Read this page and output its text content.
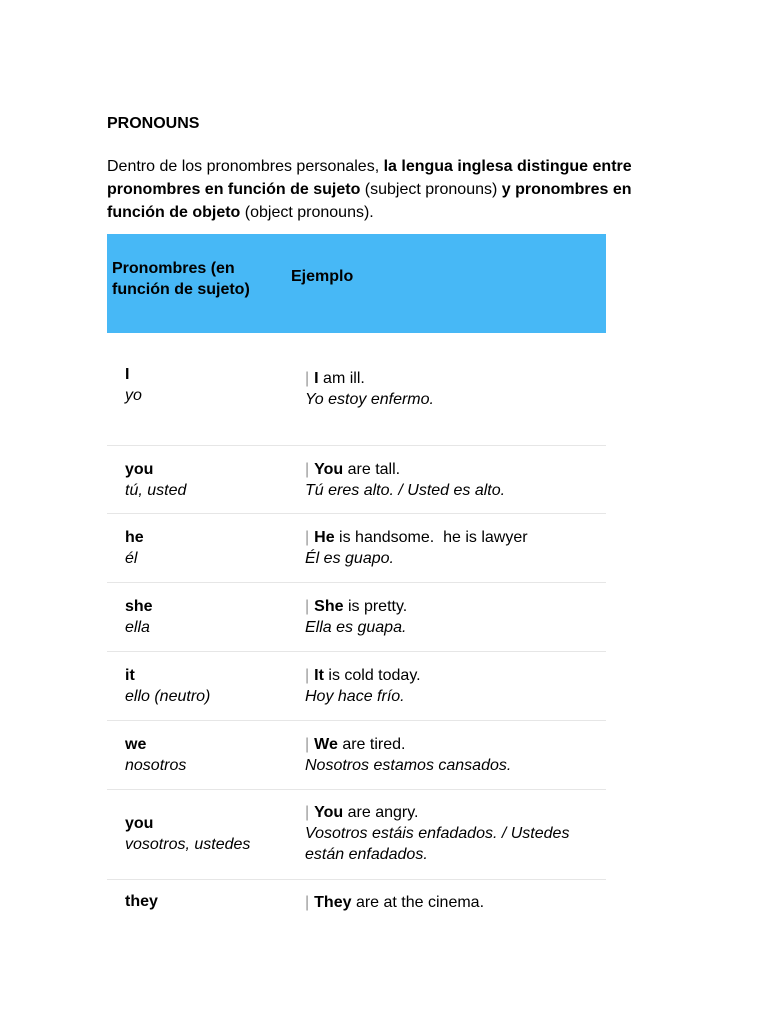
PRONOUNS
Dentro de los pronombres personales, la lengua inglesa distingue entre pronombres en función de sujeto (subject pronouns) y pronombres en función de objeto (object pronouns).
Pronombres (en función de sujeto)
Ejemplo
I
yo
| I am ill.
Yo estoy enfermo.
you
tú, usted
| You are tall.
Tú eres alto. / Usted es alto.
he
él
| He is handsome.  he is lawyer
Él es guapo.
she
ella
| She is pretty.
Ella es guapa.
it
ello (neutro)
| It is cold today.
Hoy hace frío.
we
nosotros
| We are tired.
Nosotros estamos cansados.
you
vosotros, ustedes
| You are angry.
Vosotros estáis enfadados. / Ustedes están enfadados.
they	| They are at the cinema.
